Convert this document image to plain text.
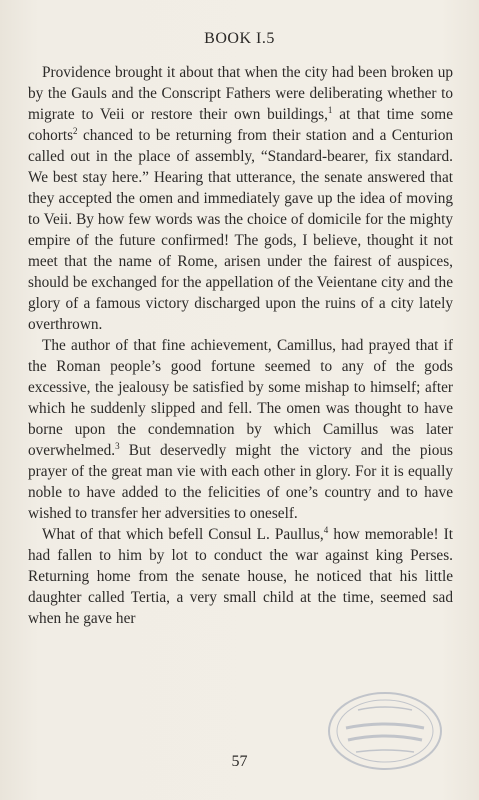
BOOK I.5

Providence brought it about that when the city had been broken up by the Gauls and the Conscript Fathers were deliberating whether to migrate to Veii or restore their own buildings,$^1$ at that time some cohorts$^2$ chanced to be returning from their station and a Centurion called out in the place of assembly, “Standard-bearer, fix standard. We best stay here.” Hearing that utterance, the senate answered that they accepted the omen and immediately gave up the idea of moving to Veii. By how few words was the choice of domicile for the mighty empire of the future confirmed! The gods, I believe, thought it not meet that the name of Rome, arisen under the fairest of auspices, should be exchanged for the appellation of the Veientane city and the glory of a famous victory discharged upon the ruins of a city lately overthrown.

The author of that fine achievement, Camillus, had prayed that if the Roman people’s good fortune seemed to any of the gods excessive, the jealousy be satisfied by some mishap to himself; after which he suddenly slipped and fell. The omen was thought to have borne upon the condemnation by which Camillus was later overwhelmed.$^3$ But deservedly might the victory and the pious prayer of the great man vie with each other in glory. For it is equally noble to have added to the felicities of one’s country and to have wished to transfer her adversities to oneself.

What of that which befell Consul L. Paullus,$^4$ how memorable! It had fallen to him by lot to conduct the war against king Perses. Returning home from the senate house, he noticed that his little daughter called Tertia, a very small child at the time, seemed sad when he gave her

57
